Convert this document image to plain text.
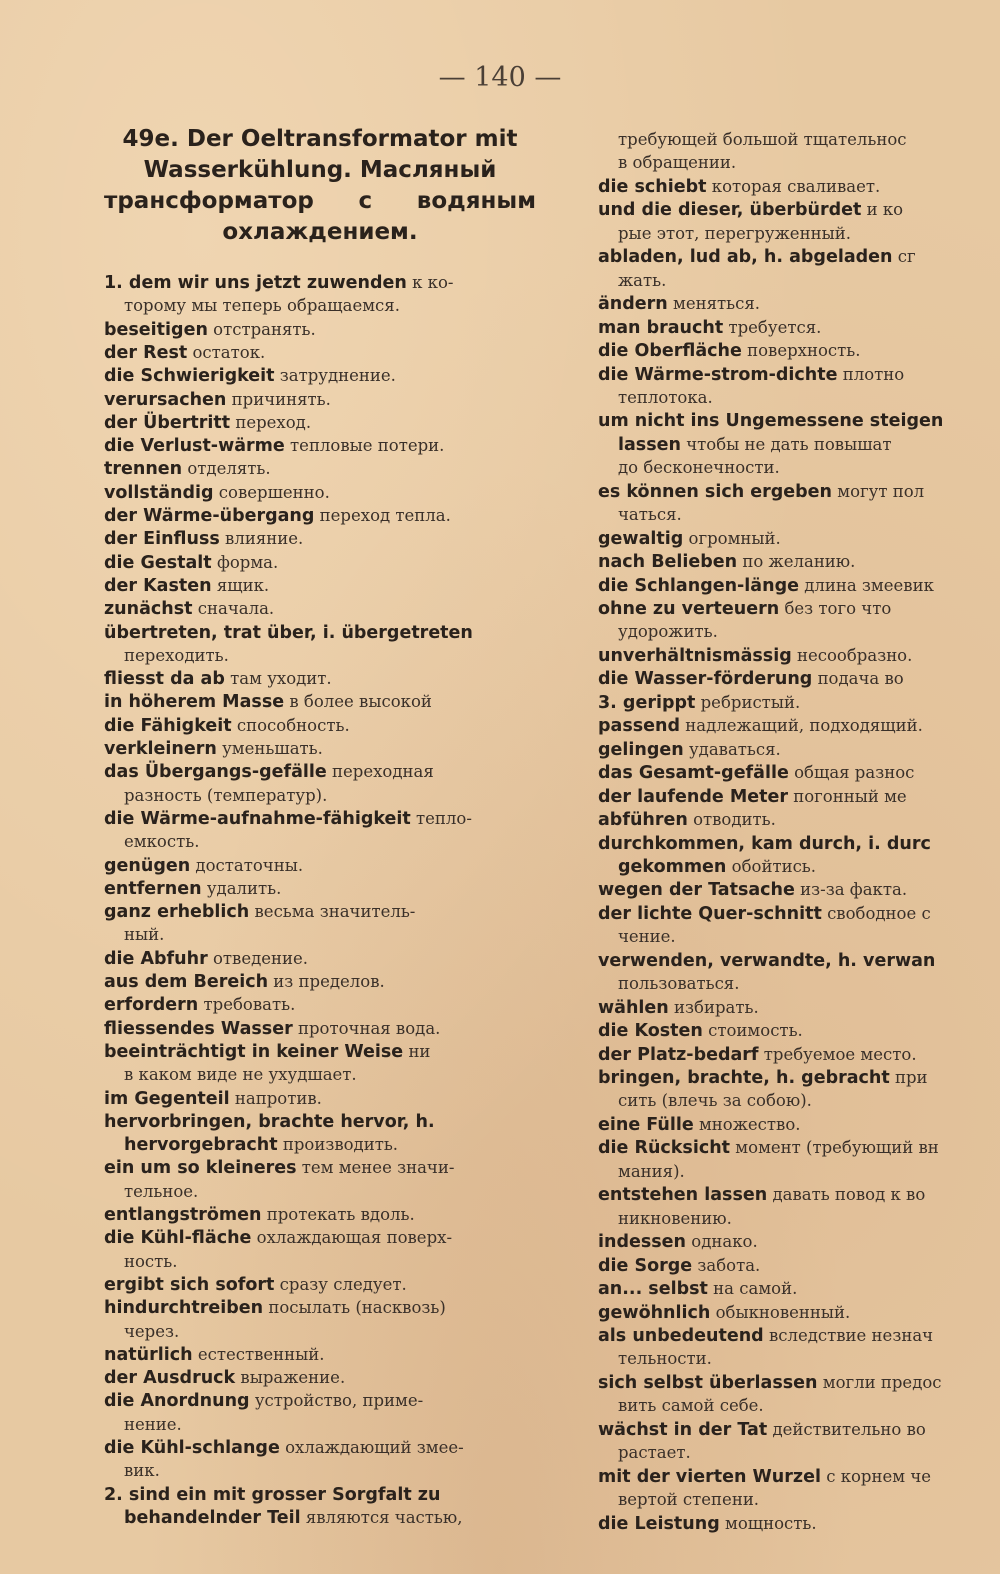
— 140 —
49e. Der Oeltransformator mit
Wasserkühlung. Масляный
трансформатор с водяным
охлаждением.
1. dem wir uns jetzt zuwenden к ко-
торому мы теперь обращаемся.
beseitigen отстранять.
der Rest остаток.
die Schwierigkeit затруднение.
verursachen причинять.
der Übertritt переход.
die Verlust-wärme тепловые потери.
trennen отделять.
vollständig совершенно.
der Wärme-übergang переход тепла.
der Einfluss влияние.
die Gestalt форма.
der Kasten ящик.
zunächst сначала.
übertreten, trat über, i. übergetreten
переходить.
fliesst da ab там уходит.
in höherem Masse в более высокой
die Fähigkeit способность.
verkleinern уменьшать.
das Übergangs-gefälle переходная
разность (температур).
die Wärme-aufnahme-fähigkeit тепло-
емкость.
genügen достаточны.
entfernen удалить.
ganz erheblich весьма значитель-
ный.
die Abfuhr отведение.
aus dem Bereich из пределов.
erfordern требовать.
fliessendes Wasser проточная вода.
beeinträchtigt in keiner Weise ни
в каком виде не ухудшает.
im Gegenteil напротив.
hervorbringen, brachte hervor, h.
hervorgebracht производить.
ein um so kleineres тем менее значи-
тельное.
entlangströmen протекать вдоль.
die Kühl-fläche охлаждающая поверх-
ность.
ergibt sich sofort сразу следует.
hindurchtreiben посылать (насквозь)
через.
natürlich естественный.
der Ausdruck выражение.
die Anordnung устройство, приме-
нение.
die Kühl-schlange охлаждающий змее-
вик.
2. sind ein mit grosser Sorgfalt zu
behandelnder Teil являются частью,
требующей большой тщательнос
в обращении.
die schiebt которая сваливает.
und die dieser, überbürdet и ко
рые этот, перегруженный.
abladen, lud ab, h. abgeladen сг
жать.
ändern меняться.
man braucht требуется.
die Oberfläche поверхность.
die Wärme-strom-dichte плотно
теплотока.
um nicht ins Ungemessene steigen
lassen чтобы не дать повышат
до бесконечности.
es können sich ergeben могут пол
чаться.
gewaltig огромный.
nach Belieben по желанию.
die Schlangen-länge длина змеевик
ohne zu verteuern без того что
удорожить.
unverhältnismässig несообразно.
die Wasser-förderung подача во
3. gerippt ребристый.
passend надлежащий, подходящий.
gelingen удаваться.
das Gesamt-gefälle общая разнос
der laufende Meter погонный ме
abführen отводить.
durchkommen, kam durch, i. durc
gekommen обойтись.
wegen der Tatsache из-за факта.
der lichte Quer-schnitt свободное с
чение.
verwenden, verwandte, h. verwan
пользоваться.
wählen избирать.
die Kosten стоимость.
der Platz-bedarf требуемое место.
bringen, brachte, h. gebracht при
сить (влечь за собою).
eine Fülle множество.
die Rücksicht момент (требующий вн
мания).
entstehen lassen давать повод к во
никновению.
indessen однако.
die Sorge забота.
an... selbst на самой.
gewöhnlich обыкновенный.
als unbedeutend вследствие незнач
тельности.
sich selbst überlassen могли предос
вить самой себе.
wächst in der Tat действительно во
растает.
mit der vierten Wurzel с корнем че
вертой степени.
die Leistung мощность.
